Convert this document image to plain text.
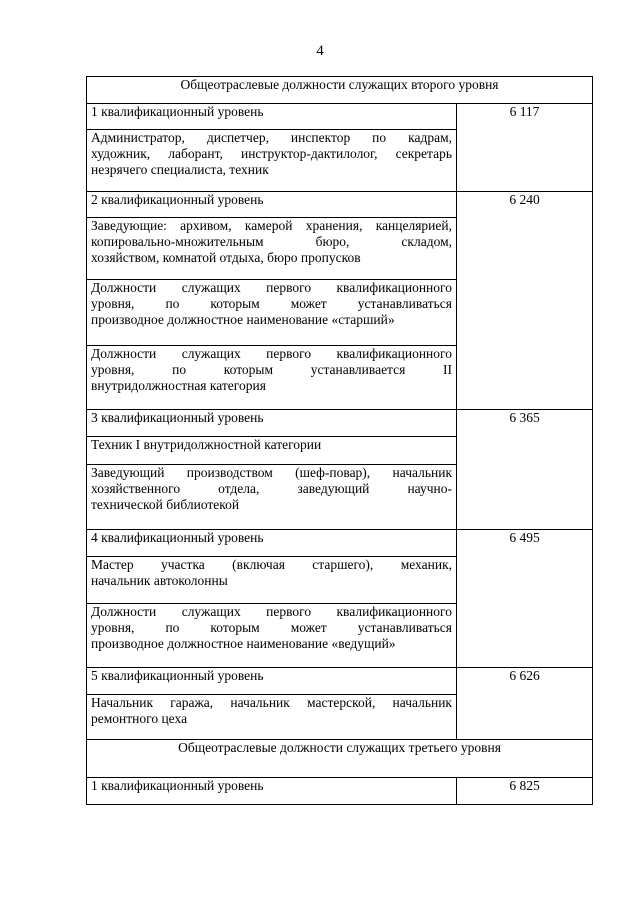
4
Общеотраслевые должности служащих второго уровня	
1 квалификационный уровень	6 117

Администратор, диспетчер, инспектор по кадрам,
художник, лаборант, инструктор-дактилолог, секретарь
незрячего специалиста, техник	

2 квалификационный уровень	6 240

Заведующие: архивом, камерой хранения, канцелярией,
копировально-множительным бюро, складом,
хозяйством, комнатой отдыха, бюро пропусков	

Должности служащих первого квалификационного
уровня, по которым может устанавливаться
производное должностное наименование «старший»	

Должности служащих первого квалификационного
уровня, по которым устанавливается II
внутридолжностная категория	

3 квалификационный уровень	6 365

Техник I внутридолжностной категории	

Заведующий производством (шеф-повар), начальник
хозяйственного отдела, заведующий научно-
технической библиотекой	

4 квалификационный уровень	6 495

Мастер участка (включая старшего), механик,
начальник автоколонны	

Должности служащих первого квалификационного
уровня, по которым может устанавливаться
производное должностное наименование «ведущий»	

5 квалификационный уровень	6 626

Начальник гаража, начальник мастерской, начальник
ремонтного цеха	

Общеотраслевые должности служащих третьего уровня	
1 квалификационный уровень	6 825
